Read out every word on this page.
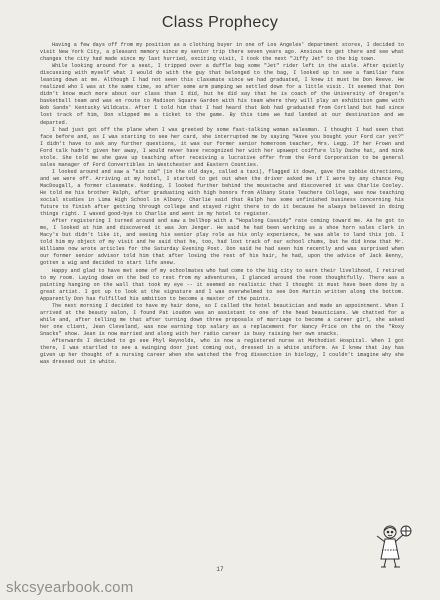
Class Prophecy

Having a few days off from my position as a clothing buyer in one of Los Angeles' department stores, I decided to visit New York City, a pleasant memory since my senior trip there seven years ago. Anxious to get there and see what changes the city had made since my last hurried, exciting visit, I took the next "Jiffy Jet" to the big town.

While looking around for a seat, I tripped over a duffle bag some "Jet" rider left in the aisle. After quietly discussing with myself what I would do with the guy that belonged to the bag, I looked up to see a familiar face leaning down at me. Although I had not seen this classmate since we had graduated, I knew it must be Don Reeve. He realized who I was at the same time, so after some arm pumping we settled down for a little visit. It seemed that Don didn't know much more about our class than I did, but he did say that he is coach of the University of Oregon's basketball team and was en route to Madison Square Garden with his team where they will play an exhibition game with Bob Sands' Kentucky Wildcats. After I told him that I had heard that Bob had graduated from Cortland but had since lost track of him, Don slipped me a ticket to the game. By this time we had landed at our destination and we departed.

I had just got off the plane when I was greeted by some fast-talking woman salesman. I thought I had seen that face before and, as I was starting to see her card, she interrupted me by saying "Have you bought your Ford car yet?" I didn't have to ask any further questions, it was our former senior homeroom teacher, Mrs. Legg. If her Frown and Ford talk hadn't given her away, I would never have recognized her with her upswept coiffure lily Dache hat, and mink stole. She told me she gave up teaching after receiving a lucrative offer from the Ford Corporation to be general sales manager of Ford Convertibles in Westchester and Eastern Counties.

I looked around and saw a "six cab" (in the old days, called a taxi), flagged it down, gave the cabbie directions, and we were off. Arriving at my hotel, I started to get out when the driver asked me if I were by any chance Peg MacDougall, a former classmate. Nodding, I looked further behind the moustache and discovered it was Charlie Cooley. He told me his brother Ralph, after graduating with high honors from Albany State Teachers College, was now teaching social studies in Lima High School in Albany. Charlie said that Ralph has some unfinished business concerning his future to finish after getting through college and stayed right there to do it because he always believed in doing things right. I waved good-bye to Charlie and went in my hotel to register.

After registering I turned around and saw a bellhop with a "Hopalong Cassidy" rate coming toward me. As he got to me, I looked at him and discovered it was Jon Jenger. He said he had been working as a shoe horn sales clerk in Macy's but didn't like it, and seeing his senior play role as his only experience, he was able to land this job. I told him my object of my visit and he said that he, too, had lost track of our school chums, but he did know that Mr. Williams now wrote articles for the Saturday Evening Post. Don said he had seen him recently and was surprised when our former senior advisor told him that after losing the rest of his hair, he had, upon the advice of Jack Benny, gotten a wig and decided to start life anew.

Happy and glad to have met some of my schoolmates who had come to the big city to earn their livelihood, I retired to my room. Laying down on the bed to rest from my adventures, I glanced around the room thoughtfully. There was a painting hanging on the wall that took my eye -- it seemed so realistic that I thought it must have been done by a great artist. I got up to look at the signature and I was overwhelmed to see Don Martin written along the bottom. Apparently Don has fulfilled his ambition to become a master of the paints.

The next morning I decided to have my hair done, so I called the hotel beautician and made an appointment. When I arrived at the beauty salon, I found Pat Loudon was an assistant to one of the head beauticians. We chatted for a while and, after telling me that after turning down three proposals of marriage to become a career girl, she asked her one client, Jean Cleveland, was now earning top salary as a replacement for Nancy Price on the on the "Roxy Snacks" show. Jean is now married and along with her radio career is busy raising her own snacks.

Afterwards I decided to go see Phyl Reynolds, who is now a registered nurse at Methodist Hospital. When I got there, I was startled to see a swinging door just coming out, dressed in a white uniform. As I knew that Jay has given up her thought of a nursing career when she watched the frog dissection in biology, I couldn't imagine why she was dressed out in white.

17
skcsyearbook.com
